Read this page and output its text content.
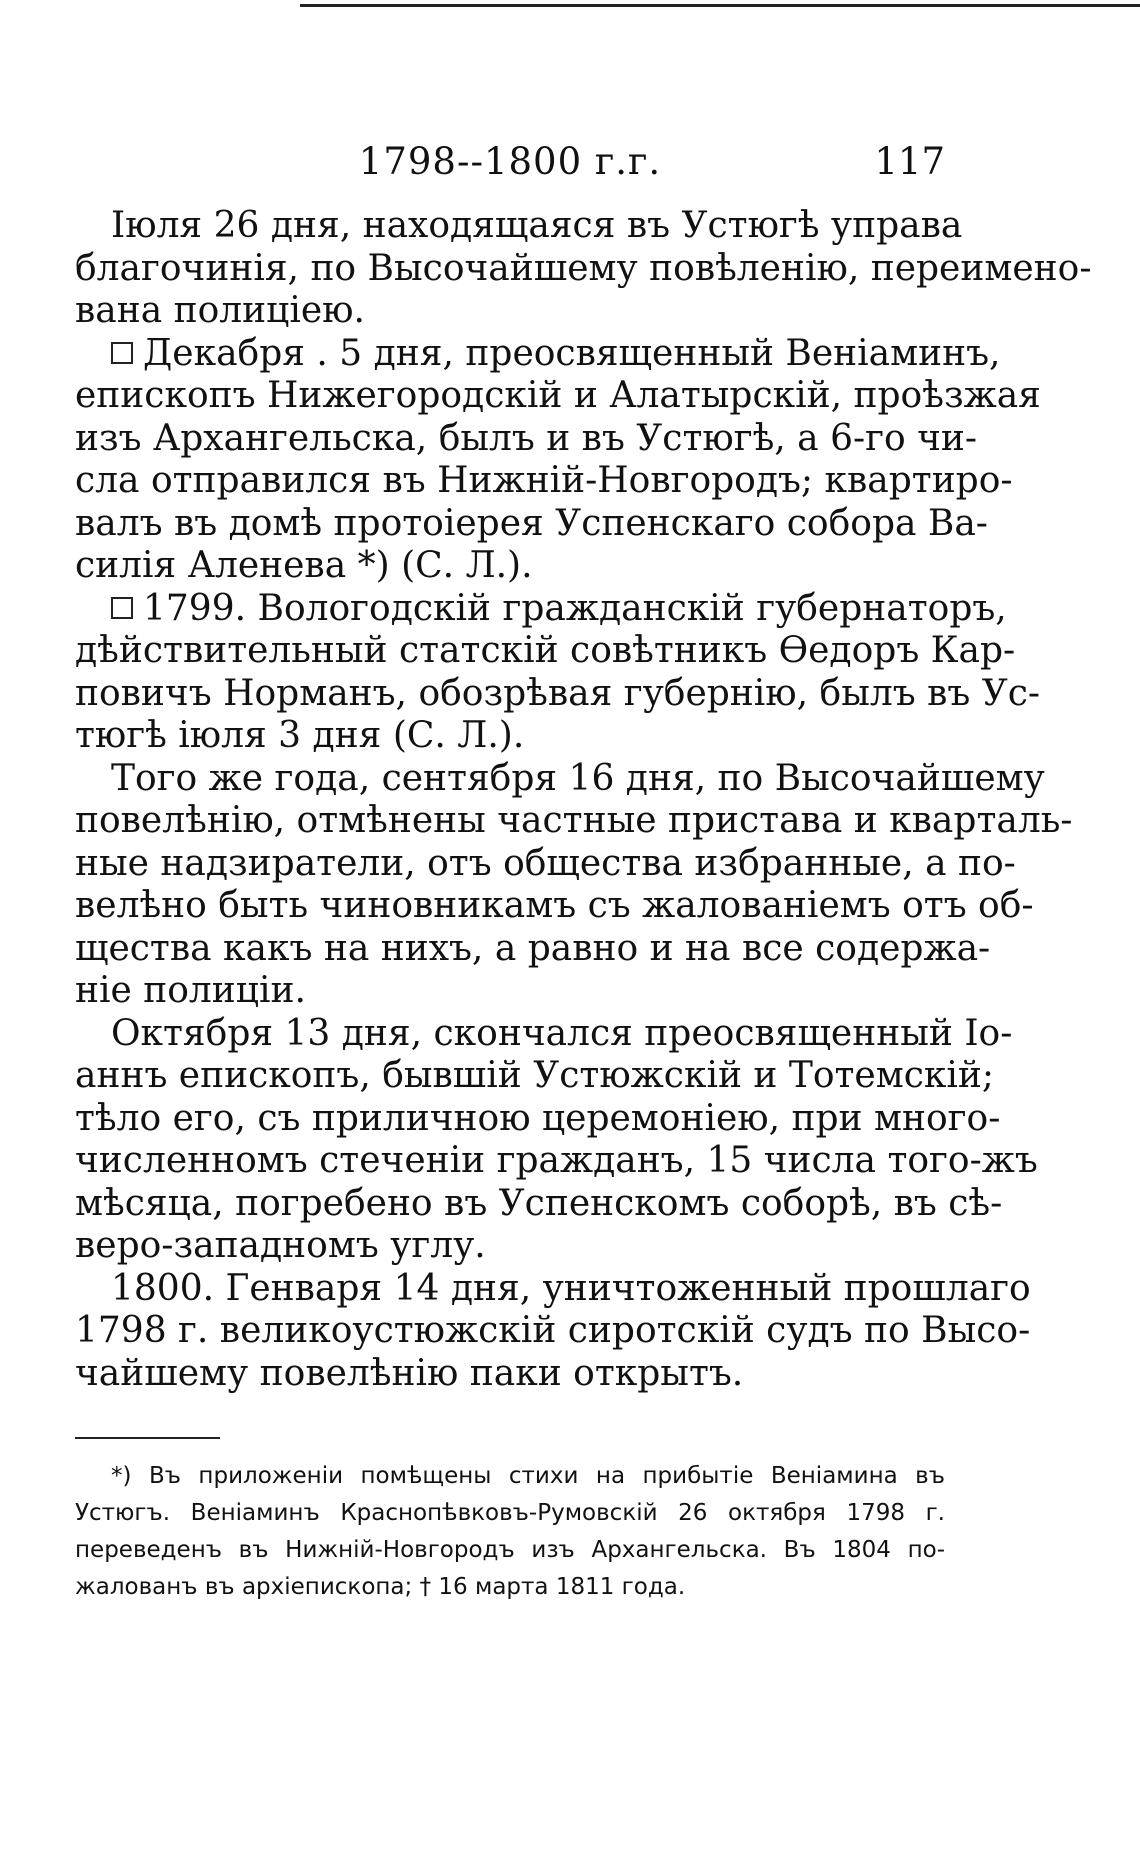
1798--1800 г.г.	117
Іюля 26 дня, находящаяся въ Устюгѣ управа
благочинія, по Высочайшему повѣленію, переимено-
вана полиціею.
Декабря . 5 дня, преосвященный Веніаминъ,
епископъ Нижегородскій и Алатырскій, проѣзжая
изъ Архангельска, былъ и въ Устюгѣ, а 6-го чи-
сла отправился въ Нижній-Новгородъ; квартиро-
валъ въ домѣ протоіерея Успенскаго собора Ва-
силія Аленева *) (С. Л.).
1799. Вологодскій гражданскій губернаторъ,
дѣйствительный статскій совѣтникъ Ѳедоръ Кар-
повичъ Норманъ, обозрѣвая губернію, былъ въ Ус-
тюгѣ іюля 3 дня (С. Л.).
Того же года, сентября 16 дня, по Высочайшему
повелѣнію, отмѣнены частные пристава и кварталь-
ные надзиратели, отъ общества избранные, а по-
велѣно быть чиновникамъ съ жалованіемъ отъ об-
щества какъ на нихъ, а равно и на все содержа-
ніе полиціи.
Октября 13 дня, скончался преосвященный Іо-
аннъ епископъ, бывшій Устюжскій и Тотемскій;
тѣло его, съ приличною церемоніею, при много-
численномъ стеченіи гражданъ, 15 числа того-жъ
мѣсяца, погребено въ Успенскомъ соборѣ, въ сѣ-
веро-западномъ углу.
1800. Генваря 14 дня, уничтоженный прошлаго
1798 г. великоустюжскій сиротскій судъ по Высо-
чайшему повелѣнію паки открытъ.
*) Въ приложеніи помѣщены стихи на прибытіе Веніамина въ
Устюгъ. Веніаминъ Краснопѣвковъ-Румовскій 26 октября 1798 г.
переведенъ въ Нижній-Новгородъ изъ Архангельска. Въ 1804 по-
жалованъ въ архіепископа; † 16 марта 1811 года.
